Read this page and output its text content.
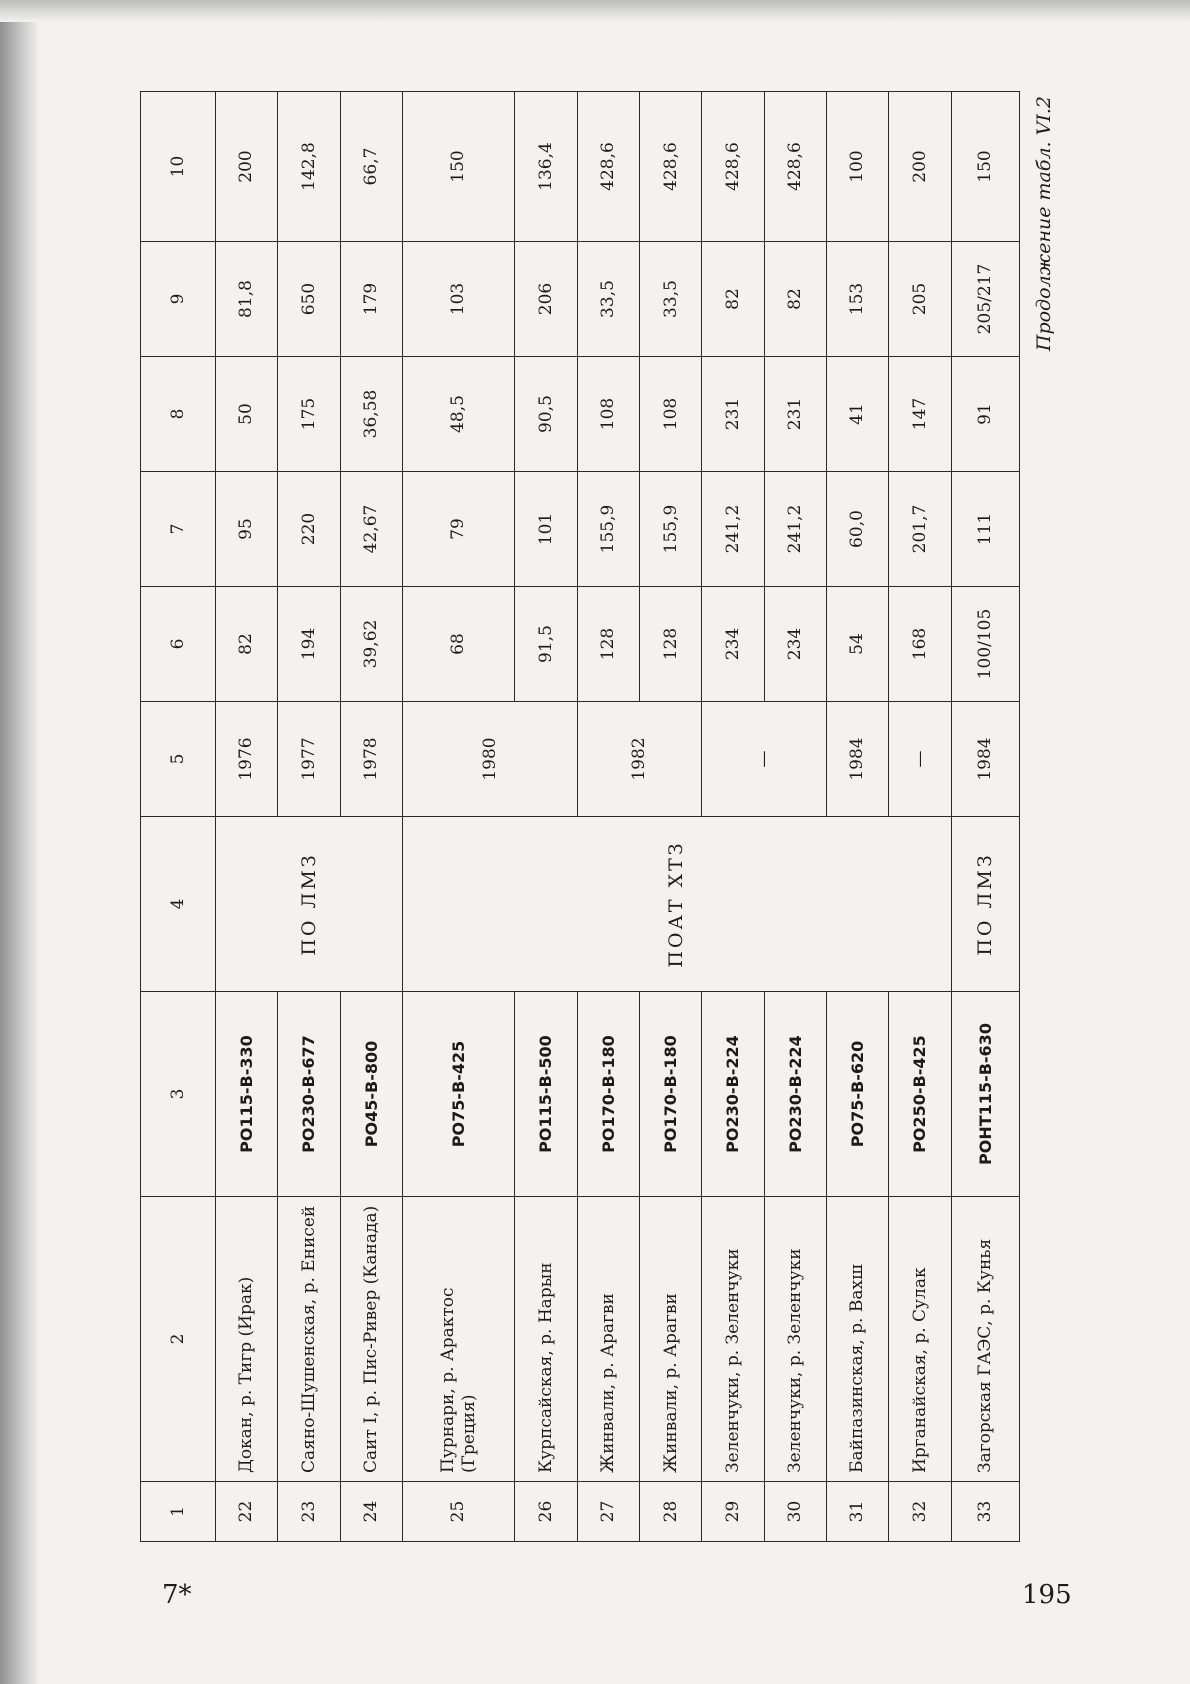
Продолжение табл. VI.2
1	2	3	4	5	6	7	8	9	10
22	Докан, р. Тигр (Ирак)	РО115-В-330	ПО ЛМЗ	1976	82	95	50	81,8	200
23	Саяно-Шушенская, р. Енисей	РО230-В-677		1977	194	220	175	650	142,8
24	Саит I, р. Пис-Ривер (Канада)	РО45-В-800		1978	39,62	42,67	36,58	179	66,7
25	Пурнари, р. Арактос (Греция)	РО75-В-425	ПОАТ ХТЗ	1980	68	79	48,5	103	150
26	Курпсайская, р. Нарын	РО115-В-500			91,5	101	90,5	206	136,4
27	Жинвали, р. Арагви	РО170-В-180		1982	128	155,9	108	33,5	428,6
28	Жинвали, р. Арагви	РО170-В-180			128	155,9	108	33,5	428,6
29	Зеленчуки, р. Зеленчуки	РО230-В-224		—	234	241,2	231	82	428,6
30	Зеленчуки, р. Зеленчуки	РО230-В-224			234	241,2	231	82	428,6
31	Байпазинская, р. Вахш	РО75-В-620		1984	54	60,0	41	153	100
32	Ирганайская, р. Сулак	РО250-В-425		—	168	201,7	147	205	200
33	Загорская ГАЭС, р. Кунья	РОНТ115-В-630	ПО ЛМЗ	1984	100/105	111	91	205/217	150
7*	195
